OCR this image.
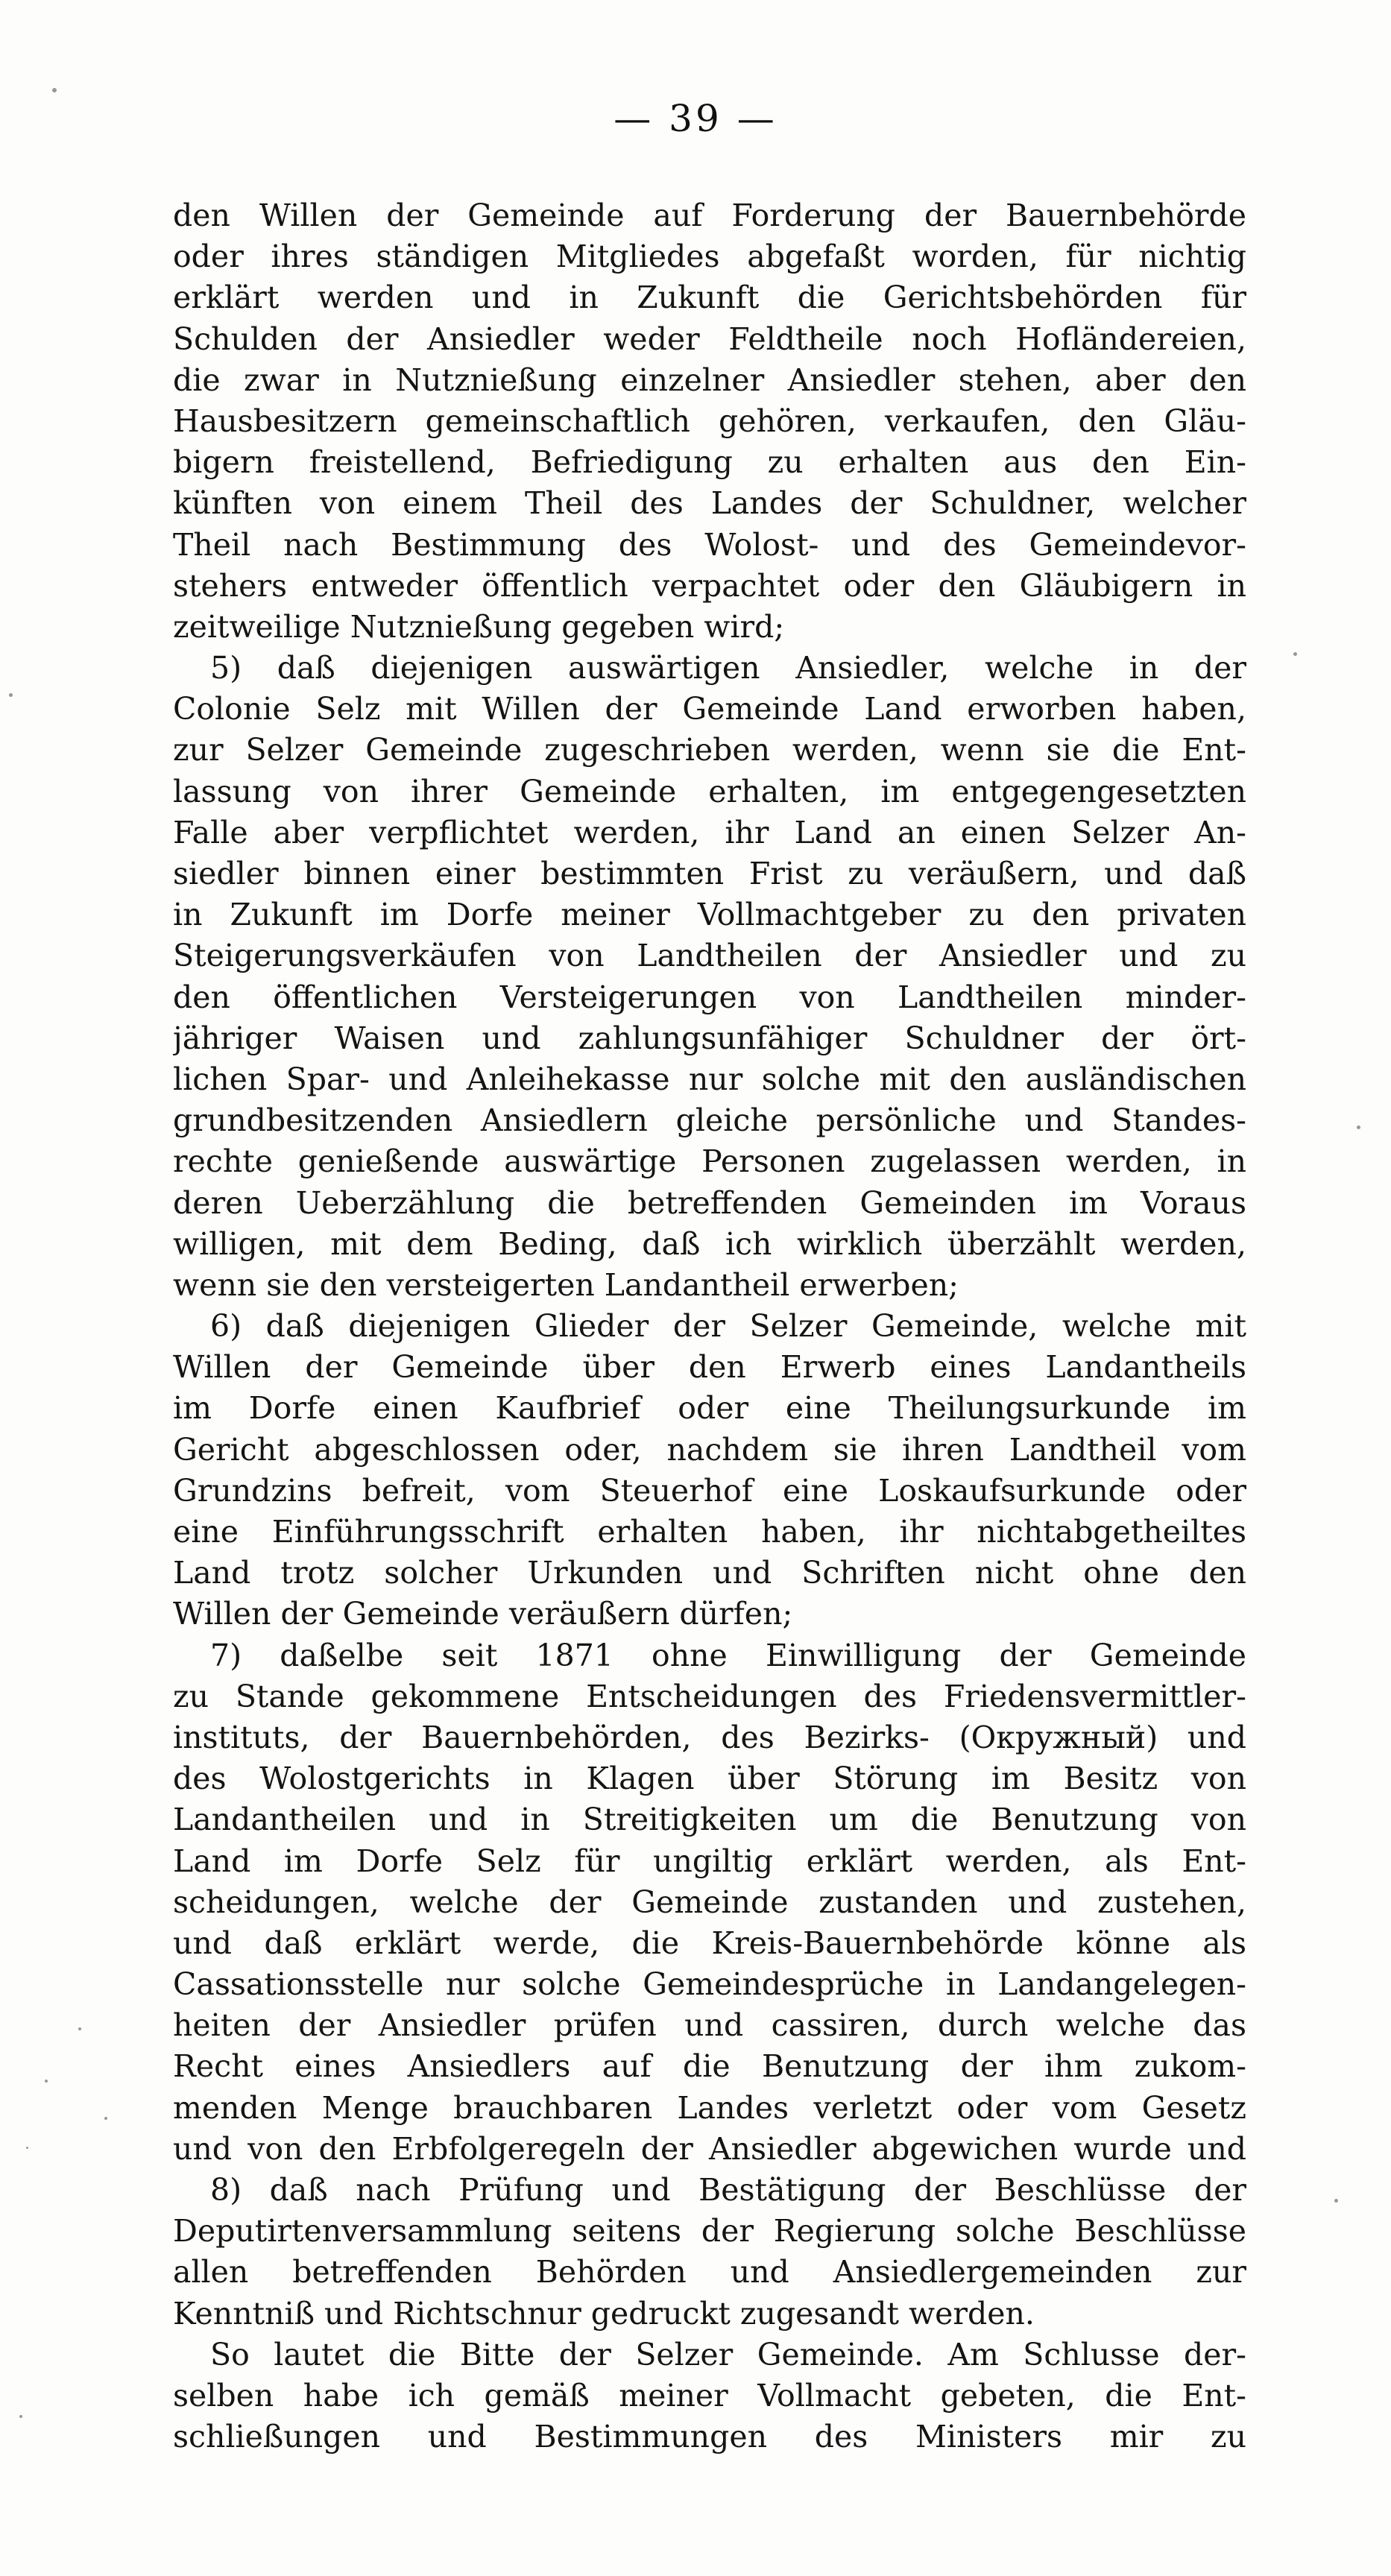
— 39 —
den Willen der Gemeinde auf Forderung der Bauernbehörde
oder ihres ständigen Mitgliedes abgefaßt worden, für nichtig
erklärt werden und in Zukunft die Gerichtsbehörden für
Schulden der Ansiedler weder Feldtheile noch Hofländereien,
die zwar in Nutznießung einzelner Ansiedler stehen, aber den
Hausbesitzern gemeinschaftlich gehören, verkaufen, den Gläu-
bigern freistellend, Befriedigung zu erhalten aus den Ein-
künften von einem Theil des Landes der Schuldner, welcher
Theil nach Bestimmung des Wolost- und des Gemeindevor-
stehers entweder öffentlich verpachtet oder den Gläubigern in
zeitweilige Nutznießung gegeben wird;
5) daß diejenigen auswärtigen Ansiedler, welche in der
Colonie Selz mit Willen der Gemeinde Land erworben haben,
zur Selzer Gemeinde zugeschrieben werden, wenn sie die Ent-
lassung von ihrer Gemeinde erhalten, im entgegengesetzten
Falle aber verpflichtet werden, ihr Land an einen Selzer An-
siedler binnen einer bestimmten Frist zu veräußern, und daß
in Zukunft im Dorfe meiner Vollmachtgeber zu den privaten
Steigerungsverkäufen von Landtheilen der Ansiedler und zu
den öffentlichen Versteigerungen von Landtheilen minder-
jähriger Waisen und zahlungsunfähiger Schuldner der ört-
lichen Spar- und Anleihekasse nur solche mit den ausländischen
grundbesitzenden Ansiedlern gleiche persönliche und Standes-
rechte genießende auswärtige Personen zugelassen werden, in
deren Ueberzählung die betreffenden Gemeinden im Voraus
willigen, mit dem Beding, daß ich wirklich überzählt werden,
wenn sie den versteigerten Landantheil erwerben;
6) daß diejenigen Glieder der Selzer Gemeinde, welche mit
Willen der Gemeinde über den Erwerb eines Landantheils
im Dorfe einen Kaufbrief oder eine Theilungsurkunde im
Gericht abgeschlossen oder, nachdem sie ihren Landtheil vom
Grundzins befreit, vom Steuerhof eine Loskaufsurkunde oder
eine Einführungsschrift erhalten haben, ihr nichtabgetheiltes
Land trotz solcher Urkunden und Schriften nicht ohne den
Willen der Gemeinde veräußern dürfen;
7) daßelbe seit 1871 ohne Einwilligung der Gemeinde
zu Stande gekommene Entscheidungen des Friedensvermittler-
instituts, der Bauernbehörden, des Bezirks- (Окружный) und
des Wolostgerichts in Klagen über Störung im Besitz von
Landantheilen und in Streitigkeiten um die Benutzung von
Land im Dorfe Selz für ungiltig erklärt werden, als Ent-
scheidungen, welche der Gemeinde zustanden und zustehen,
und daß erklärt werde, die Kreis-Bauernbehörde könne als
Cassationsstelle nur solche Gemeindesprüche in Landangelegen-
heiten der Ansiedler prüfen und cassiren, durch welche das
Recht eines Ansiedlers auf die Benutzung der ihm zukom-
menden Menge brauchbaren Landes verletzt oder vom Gesetz
und von den Erbfolgeregeln der Ansiedler abgewichen wurde und
8) daß nach Prüfung und Bestätigung der Beschlüsse der
Deputirtenversammlung seitens der Regierung solche Beschlüsse
allen betreffenden Behörden und Ansiedlergemeinden zur
Kenntniß und Richtschnur gedruckt zugesandt werden.
So lautet die Bitte der Selzer Gemeinde. Am Schlusse der-
selben habe ich gemäß meiner Vollmacht gebeten, die Ent-
schließungen und Bestimmungen des Ministers mir zu
